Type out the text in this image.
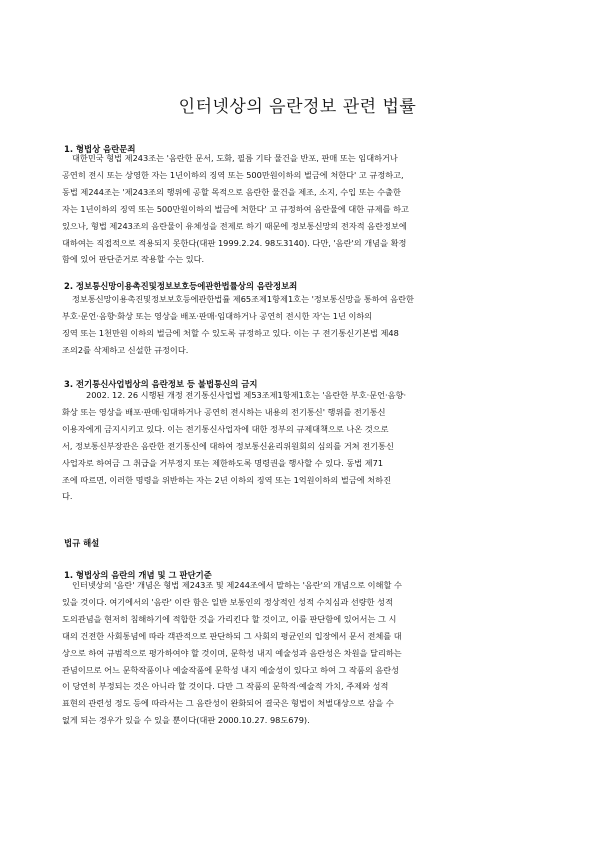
인터넷상의 음란정보 관련 법률
1. 형법상 음란문죄
대한민국 형법 제243조는 '음란한 문서, 도화, 필름 기타 물건을 반포, 판매 또는 임대하거나
공연히 전시 또는 상영한 자는 1년이하의 징역 또는 500만원이하의 벌금에 처한다' 고 규정하고,
동법 제244조는 '제243조의 행위에 공할 목적으로 음란한 물건을 제조, 소지, 수입 또는 수출한
자는 1년이하의 징역 또는 500만원이하의 벌금에 처한다' 고 규정하여 음란물에 대한 규제를 하고
있으나, 형법 제243조의 음란물이 유체성을 전제로 하기 때문에 정보통신망의 전자적 음란정보에
대하여는 직접적으로 적용되지 못한다(대판 1999.2.24. 98도3140). 다만, '음란'의 개념을 확정
함에 있어 판단준거로 작용할 수는 있다.
2. 정보통신망이용촉진및정보보호등에관한법률상의 음란정보죄
정보통신망이용촉진및정보보호등에관한법률 제65조제1항제1호는 '정보통신망을 통하여 음란한
부호·문언·음향·화상 또는 영상을 배포·판매·임대하거나 공연히 전시한 자'는 1년 이하의
징역 또는 1천만원 이하의 벌금에 처할 수 있도록 규정하고 있다. 이는 구 전기통신기본법 제48
조의2를 삭제하고 신설한 규정이다.
3. 전기통신사업법상의 음란정보 등 불법통신의 금지
2002. 12. 26 시행된 개정 전기통신사업법 제53조제1항제1호는 '음란한 부호·문언·음향·
화상 또는 영상을 배포·판매·임대하거나 공연히 전시하는 내용의 전기통신' 행위를 전기통신
이용자에게 금지시키고 있다. 이는 전기통신사업자에 대한 정부의 규제대책으로 나온 것으로
서, 정보통신부장관은 음란한 전기통신에 대하여 정보통신윤리위원회의 심의를 거쳐 전기통신
사업자로 하여금 그 취급을 거부정지 또는 제한하도록 명령권을 행사할 수 있다. 동법 제71
조에 따르면, 이러한 명령을 위반하는 자는 2년 이하의 징역 또는 1억원이하의 벌금에 처하진
다.
법규 해설
1. 형법상의 음란의 개념 및 그 판단기준
인터넷상의 '음란' 개념은 형법 제243조 및 제244조에서 말하는 '음란'의 개념으로 이해할 수
있을 것이다. 여기에서의 '음란' 이란 함은 일반 보통인의 정상적인 성적 수치심과 선량한 성적
도의관념을 현저히 침해하기에 적합한 것을 가리킨다 할 것이고, 이를 판단함에 있어서는 그 시
대의 건전한 사회통념에 따라 객관적으로 판단하되 그 사회의 평균인의 입장에서 문서 전체를 대
상으로 하여 규범적으로 평가하여야 할 것이며, 문학성 내지 예술성과 음란성은 차원을 달리하는
관념이므로 어느 문학작품이나 예술작품에 문학성 내지 예술성이 있다고 하여 그 작품의 음란성
이 당연히 부정되는 것은 아니라 할 것이다. 다만 그 작품의 문학적·예술적 가치, 주제와 성적
표현의 관련성 정도 등에 따라서는 그 음란성이 완화되어 결국은 형법이 처벌대상으로 삼을 수
없게 되는 경우가 있을 수 있을 뿐이다(대판 2000.10.27. 98도679).
